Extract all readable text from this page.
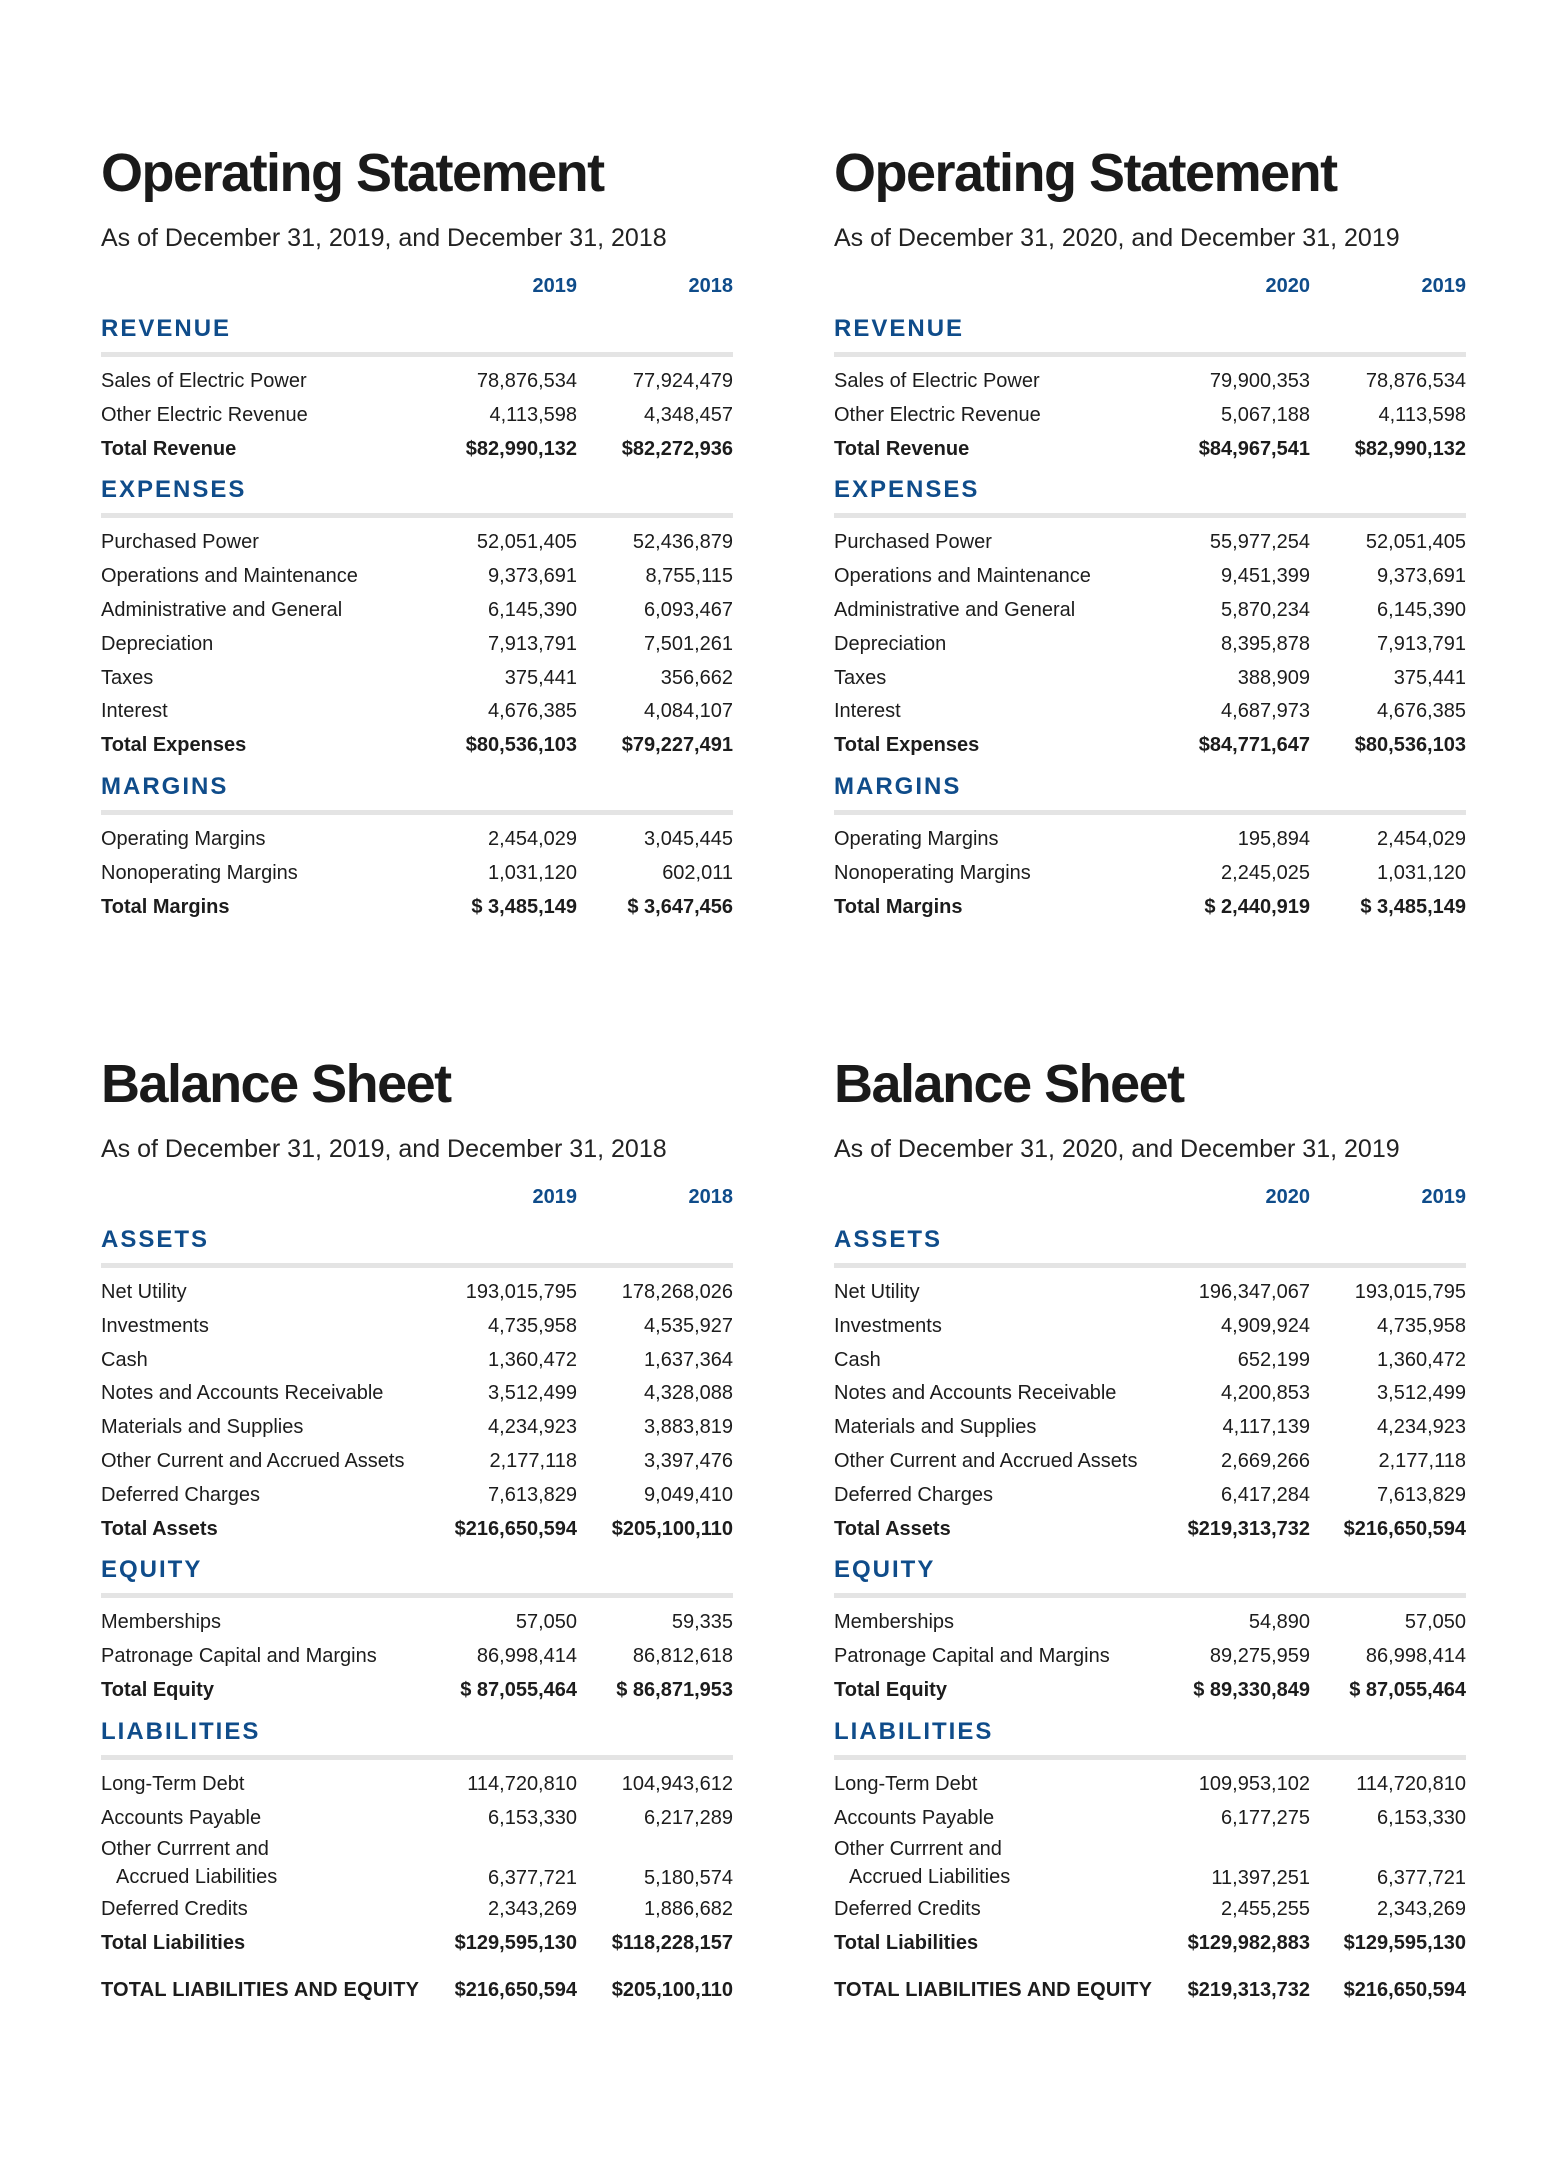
Operating Statement
As of December 31, 2019, and December 31, 2018
2019	2018
REVENUE
Sales of Electric Power	78,876,534	77,924,479
Other Electric Revenue	4,113,598	4,348,457
Total Revenue	$82,990,132 $82,272,936
EXPENSES
Purchased Power	52,051,405	52,436,879
Operations and Maintenance	9,373,691	8,755,115
Administrative and General	6,145,390	6,093,467
Depreciation	7,913,791	7,501,261
Taxes	375,441	356,662
Interest	4,676,385	4,084,107
Total Expenses	$80,536,103 $79,227,491
MARGINS
Operating Margins	2,454,029	3,045,445
Nonoperating Margins	1,031,120	602,011
Total Margins	$ 3,485,149	$ 3,647,456
Operating Statement
As of December 31, 2020, and December 31, 2019
2020	2019
REVENUE
Sales of Electric Power	79,900,353	78,876,534
Other Electric Revenue	5,067,188	4,113,598
Total Revenue	$84,967,541 $82,990,132
EXPENSES
Purchased Power	55,977,254	52,051,405
Operations and Maintenance	9,451,399	9,373,691
Administrative and General	5,870,234	6,145,390
Depreciation	8,395,878	7,913,791
Taxes	388,909	375,441
Interest	4,687,973	4,676,385
Total Expenses	$84,771,647 $80,536,103
MARGINS
Operating Margins	195,894	2,454,029
Nonoperating Margins	2,245,025	1,031,120
Total Margins	$ 2,440,919	$ 3,485,149
Balance Sheet
As of December 31, 2019, and December 31, 2018
2019	2018
ASSETS
Net Utility	193,015,795 178,268,026
Investments	4,735,958	4,535,927
Cash	1,360,472	1,637,364
Notes and Accounts Receivable	3,512,499	4,328,088
Materials and Supplies	4,234,923	3,883,819
Other Current and Accrued Assets	2,177,118	3,397,476
Deferred Charges	7,613,829	9,049,410
Total Assets	$216,650,594 $205,100,110
EQUITY
Memberships	57,050	59,335
Patronage Capital and Margins	86,998,414	86,812,618
Total Equity	$ 87,055,464 $ 86,871,953
LIABILITIES
Long-Term Debt	114,720,810 104,943,612
Accounts Payable	6,153,330	6,217,289
Other Currrent and
Accrued Liabilities	6,377,721	5,180,574
Deferred Credits	2,343,269	1,886,682
Total Liabilities	$129,595,130 $118,228,157
TOTAL LIABILITIES AND EQUITY $216,650,594 $205,100,110
Balance Sheet
As of December 31, 2020, and December 31, 2019
2020	2019
ASSETS
Net Utility	196,347,067 193,015,795
Investments	4,909,924	4,735,958
Cash	652,199	1,360,472
Notes and Accounts Receivable	4,200,853	3,512,499
Materials and Supplies	4,117,139	4,234,923
Other Current and Accrued Assets	2,669,266	2,177,118
Deferred Charges	6,417,284	7,613,829
Total Assets	$219,313,732 $216,650,594
EQUITY
Memberships	54,890	57,050
Patronage Capital and Margins	89,275,959	86,998,414
Total Equity	$ 89,330,849 $ 87,055,464
LIABILITIES
Long-Term Debt	109,953,102 114,720,810
Accounts Payable	6,177,275	6,153,330
Other Currrent and
Accrued Liabilities	11,397,251	6,377,721
Deferred Credits	2,455,255	2,343,269
Total Liabilities	$129,982,883 $129,595,130
TOTAL LIABILITIES AND EQUITY $219,313,732 $216,650,594
